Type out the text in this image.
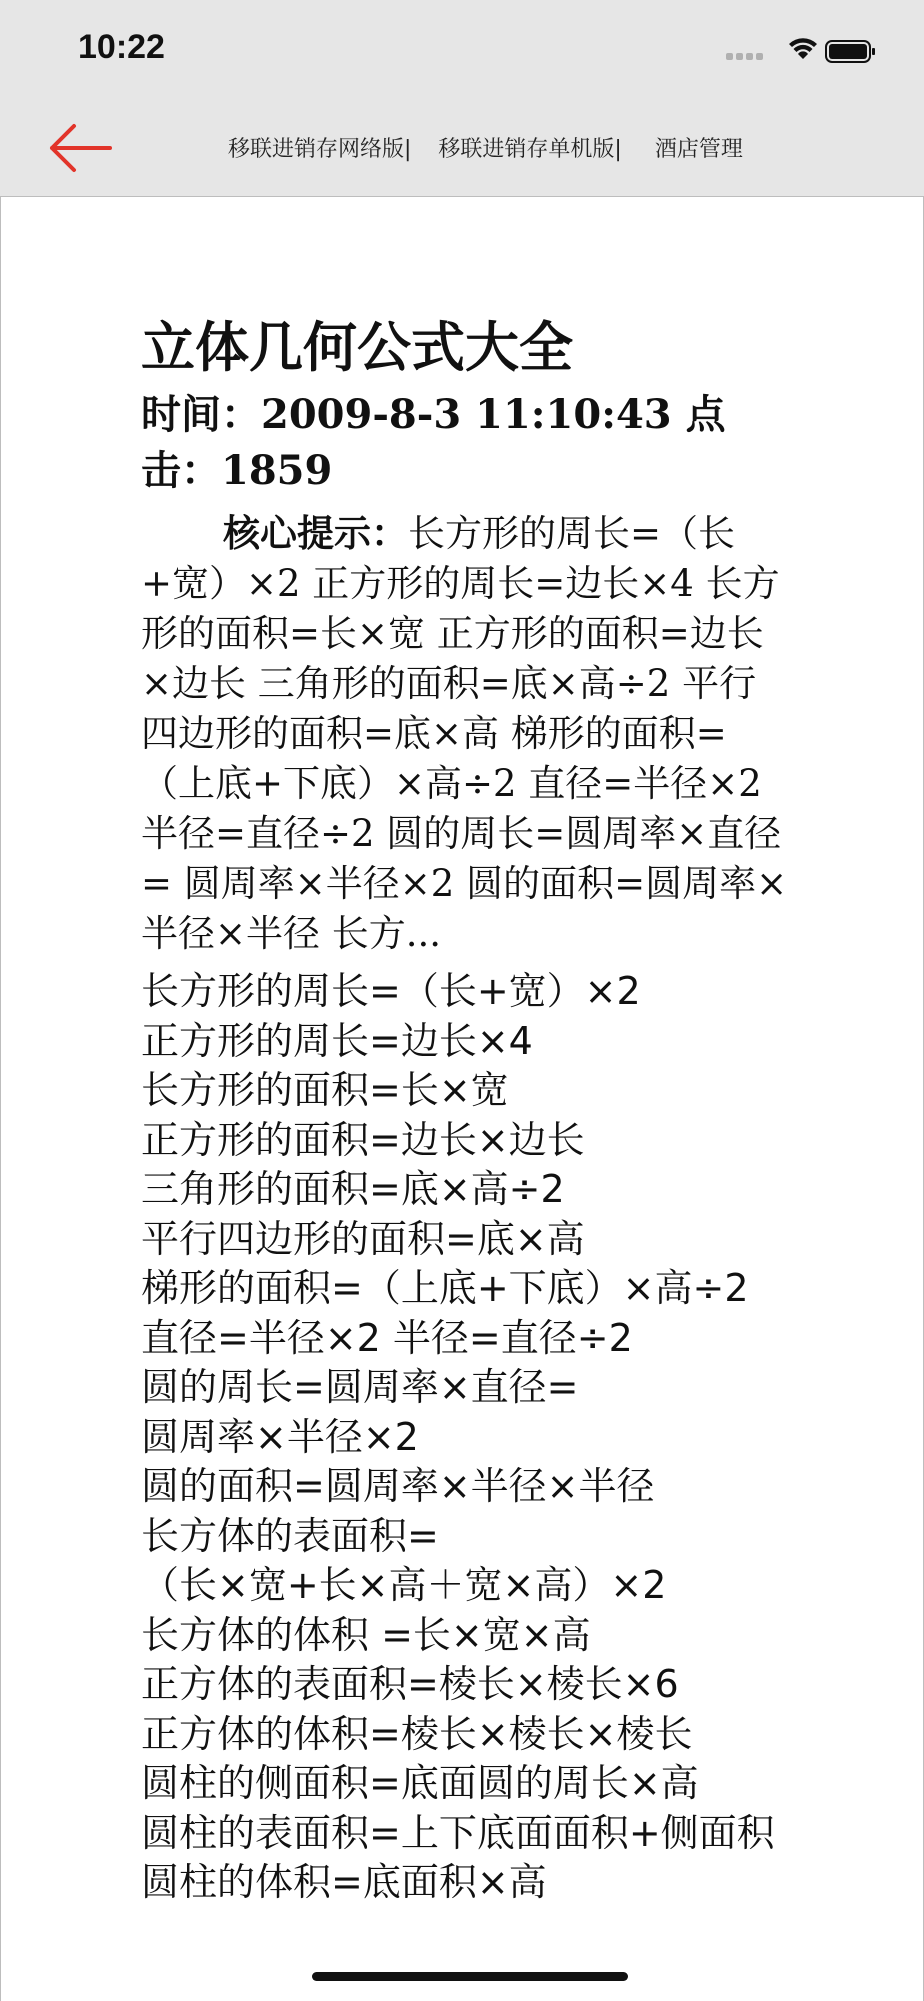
10:22
移联进销存网络版| 移联进销存单机版| 酒店管理
立体几何公式大全
时间：2009-8-3 11:10:43 点击：1859
核心提示：长方形的周长=（长+宽）×2 正方形的周长=边长×4 长方形的面积=长×宽 正方形的面积=边长×边长 三角形的面积=底×高÷2 平行四边形的面积=底×高 梯形的面积=（上底+下底）×高÷2 直径=半径×2 半径=直径÷2 圆的周长=圆周率×直径= 圆周率×半径×2 圆的面积=圆周率×半径×半径 长方...
长方形的周长=（长+宽）×2
正方形的周长=边长×4
长方形的面积=长×宽
正方形的面积=边长×边长
三角形的面积=底×高÷2
平行四边形的面积=底×高
梯形的面积=（上底+下底）×高÷2
直径=半径×2 半径=直径÷2
圆的周长=圆周率×直径=
圆周率×半径×2
圆的面积=圆周率×半径×半径
长方体的表面积=
（长×宽+长×高＋宽×高）×2
长方体的体积 =长×宽×高
正方体的表面积=棱长×棱长×6
正方体的体积=棱长×棱长×棱长
圆柱的侧面积=底面圆的周长×高
圆柱的表面积=上下底面面积+侧面积
圆柱的体积=底面积×高
